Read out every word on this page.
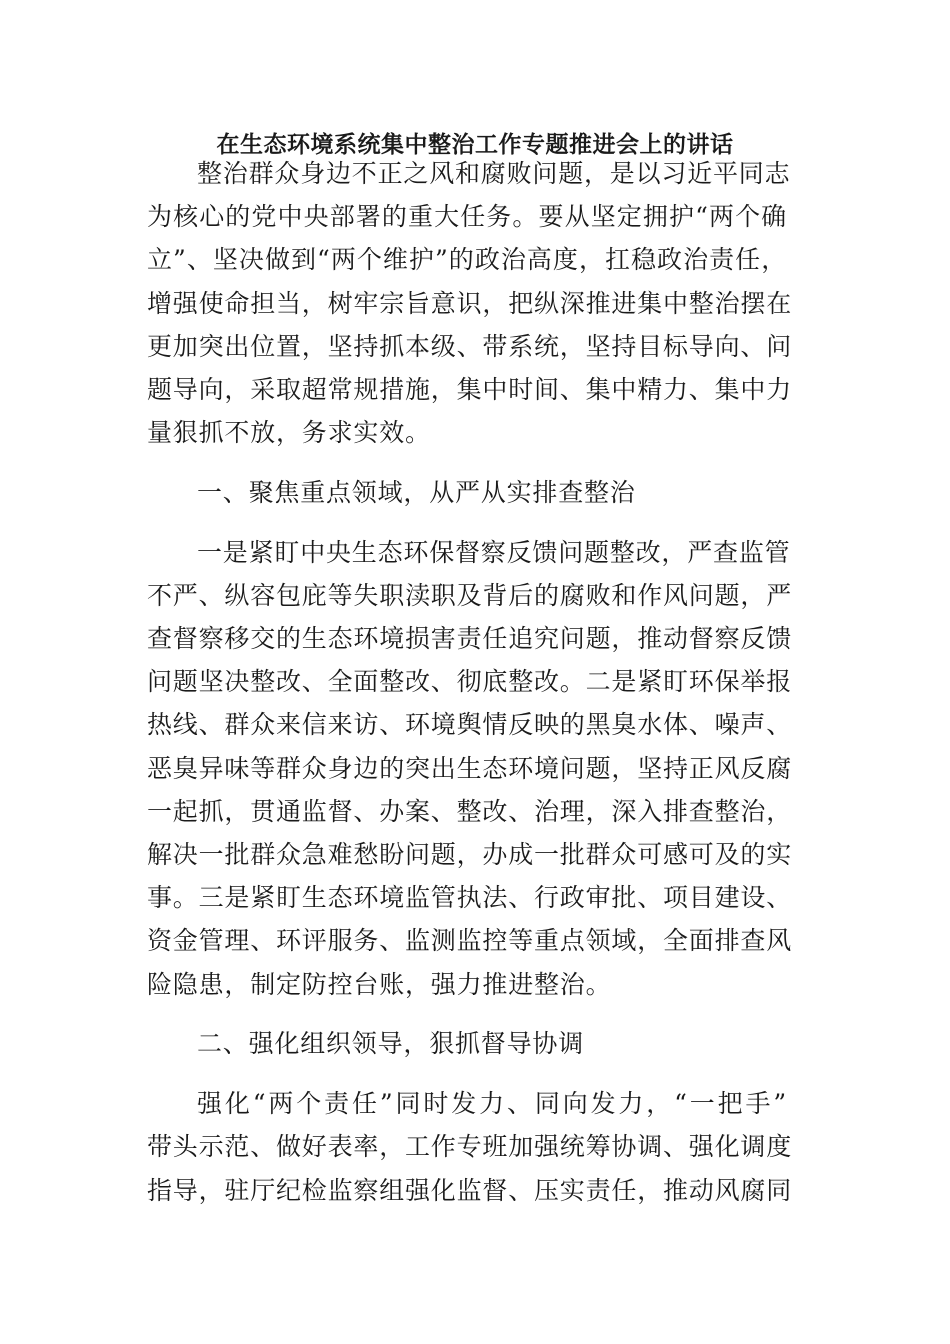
在生态环境系统集中整治工作专题推进会上的讲话
整治群众身边不正之风和腐败问题，是以习近平同志
为核心的党中央部署的重大任务。要从坚定拥护“两个确
立”、坚决做到“两个维护”的政治高度，扛稳政治责任，
增强使命担当，树牢宗旨意识，把纵深推进集中整治摆在
更加突出位置，坚持抓本级、带系统，坚持目标导向、问
题导向，采取超常规措施，集中时间、集中精力、集中力
量狠抓不放，务求实效。
一、聚焦重点领域，从严从实排查整治
一是紧盯中央生态环保督察反馈问题整改，严查监管
不严、纵容包庇等失职渎职及背后的腐败和作风问题，严
查督察移交的生态环境损害责任追究问题，推动督察反馈
问题坚决整改、全面整改、彻底整改。二是紧盯环保举报
热线、群众来信来访、环境舆情反映的黑臭水体、噪声、
恶臭异味等群众身边的突出生态环境问题，坚持正风反腐
一起抓，贯通监督、办案、整改、治理，深入排查整治，
解决一批群众急难愁盼问题，办成一批群众可感可及的实
事。三是紧盯生态环境监管执法、行政审批、项目建设、
资金管理、环评服务、监测监控等重点领域，全面排查风
险隐患，制定防控台账，强力推进整治。
二、强化组织领导，狠抓督导协调
强化“两个责任”同时发力、同向发力，“一把手”
带头示范、做好表率，工作专班加强统筹协调、强化调度
指导，驻厅纪检监察组强化监督、压实责任，推动风腐同
